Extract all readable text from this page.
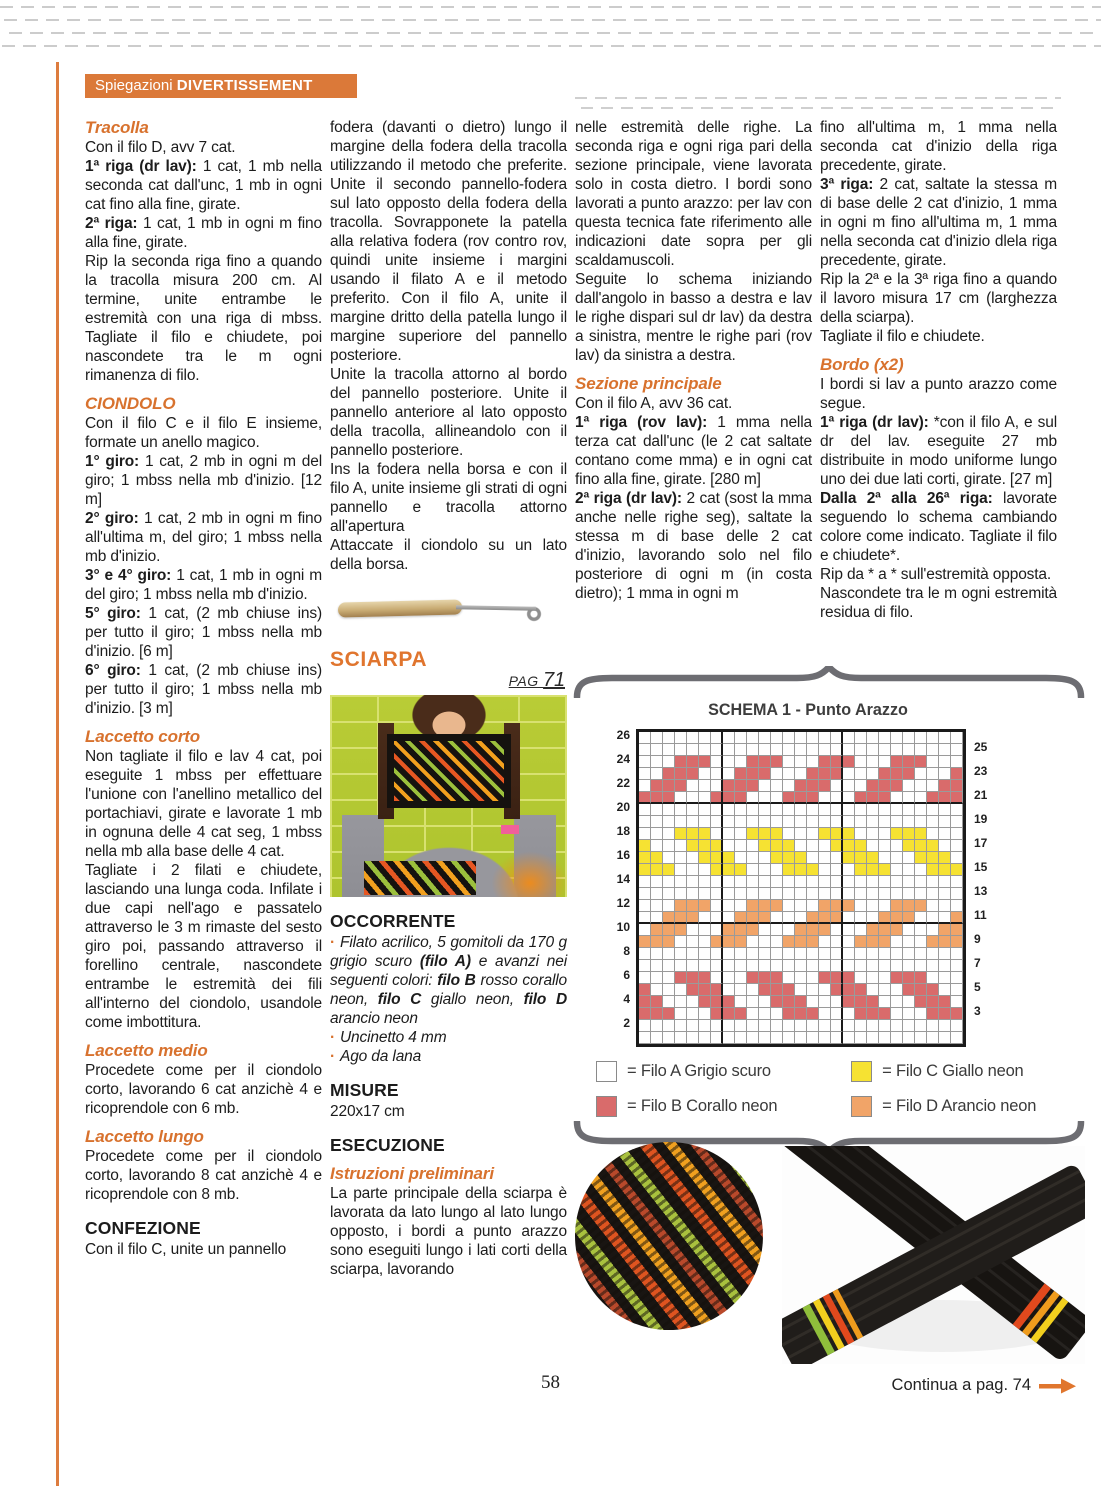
Spiegazioni DIVERTISSEMENT
Tracolla

Con il filo D, avv 7 cat.

1ª riga (dr lav): 1 cat, 1 mb nella seconda cat dall'unc, 1 mb in ogni cat fino alla fine, girate.

2ª riga: 1 cat, 1 mb in ogni m fino alla fine, girate.

Rip la seconda riga fino a quando la tracolla misura 200 cm. Al termine, unite entrambe le estremità con una riga di mbss. Tagliate il filo e chiudete, poi nascondete tra le m ogni rimanenza di filo.

CIONDOLO

Con il filo C e il filo E insieme, formate un anello magico.

1° giro: 1 cat, 2 mb in ogni m del giro; 1 mbss nella mb d'inizio. [12 m]

2° giro: 1 cat, 2 mb in ogni m fino all'ultima m, del giro; 1 mbss nella mb d'inizio.

3° e 4° giro: 1 cat, 1 mb in ogni m del giro; 1 mbss nella mb d'inizio.

5° giro: 1 cat, (2 mb chiuse ins) per tutto il giro; 1 mbss nella mb d'inizio. [6 m]

6° giro: 1 cat, (2 mb chiuse ins) per tutto il giro; 1 mbss nella mb d'inizio. [3 m]

Laccetto corto

Non tagliate il filo e lav 4 cat, poi eseguite 1 mbss per effettuare l'unione con l'anellino metallico del portachiavi, girate e lavorate 1 mb in ognuna delle 4 cat seg, 1 mbss nella mb alla base delle 4 cat.

Tagliate i 2 filati e chiudete, lasciando una lunga coda. Infilate i due capi nell'ago e passatelo attraverso le 3 m rimaste del sesto giro poi, passando attraverso il forellino centrale, nascondete entrambe le estremità dei fili all'interno del ciondolo, usandole come imbottitura.

Laccetto medio

Procedete come per il ciondolo corto, lavorando 6 cat anzichè 4 e ricoprendole con 6 mb.

Laccetto lungo

Procedete come per il ciondolo corto, lavorando 8 cat anzichè 4 e ricoprendole con 8 mb.

CONFEZIONE

Con il filo C, unite un pannello

fodera (davanti o dietro) lungo il margine della fodera della tracolla utilizzando il metodo che preferite. Unite il secondo pannello-fodera sul lato opposto della fodera della tracolla. Sovrapponete la patella alla relativa fodera (rov contro rov, quindi unite insieme i margini usando il filato A e il metodo preferito. Con il filo A, unite il margine dritto della patella lungo il margine superiore del pannello posteriore.

Unite la tracolla attorno al bordo del pannello posteriore. Unite il pannello anteriore al lato opposto della tracolla, allineandolo con il pannello posteriore.

Ins la fodera nella borsa e con il filo A, unite insieme gli strati di ogni pannello e tracolla attorno all'apertura

Attaccate il ciondolo su un lato della borsa.

SCIARPA
PAG 71
OCCORRENTE
· Filato acrilico, 5 gomitoli da 170 g grigio scuro (filo A) e avanzi nei seguenti colori: filo B rosso corallo neon, filo C giallo neon, filo D arancio neon
· Uncinetto 4 mm
· Ago da lana
MISURE

220x17 cm

ESECUZIONE
Istruzioni preliminari

La parte principale della sciarpa è lavorata da lato lungo al lato lungo opposto, i bordi a punto arazzo sono eseguiti lungo i lati corti della sciarpa, lavorando

nelle estremità delle righe. La seconda riga e ogni riga pari della sezione principale, viene lavorata solo in costa dietro. I bordi sono lavorati a punto arazzo: per lav con questa tecnica fate riferimento alle indicazioni date sopra per gli scaldamuscoli.

Seguite lo schema iniziando dall'angolo in basso a destra e lav le righe dispari sul dr lav) da destra a sinistra, mentre le righe pari (rov lav) da sinistra a destra.

Sezione principale

Con il filo A, avv 36 cat.

1ª riga (rov lav): 1 mma nella terza cat dall'unc (le 2 cat saltate contano come mma) e in ogni cat fino alla fine, girate. [280 m]

2ª riga (dr lav): 2 cat (sost la mma anche nelle righe seg), saltate la stessa m di base delle 2 cat d'inizio, lavorando solo nel filo posteriore di ogni m (in costa dietro); 1 mma in ogni m

fino all'ultima m, 1 mma nella seconda cat d'inizio della riga precedente, girate.

3ª riga: 2 cat, saltate la stessa m di base delle 2 cat d'inizio, 1 mma in ogni m fino all'ultima m, 1 mma nella seconda cat d'inizio dlela riga precedente, girate.

Rip la 2ª e la 3ª riga fino a quando il lavoro misura 17 cm (larghezza della sciarpa).

Tagliate il filo e chiudete.

Bordo (x2)

I bordi si lav a punto arazzo come segue.

1ª riga (dr lav): *con il filo A, e sul dr del lav. eseguite 27 mb distribuite in modo uniforme lungo uno dei due lati corti, girate. [27 m]

Dalla 2ª alla 26ª riga: lavorate seguendo lo schema cambiando colore come indicato. Tagliate il filo e chiudete*.

Rip da * a * sull'estremità opposta.

Nascondete tra le m ogni estremità residua di filo.

SCHEMA 1 - Punto Arazzo
26
24
22
20
18
16
14
12
10
8
6
4
2
25
23
21
19
17
15
13
11
9
7
5
3
= Filo A Grigio scuro
= Filo B Corallo neon
= Filo C Giallo neon
= Filo D Arancio neon
58	Continua a pag. 74
